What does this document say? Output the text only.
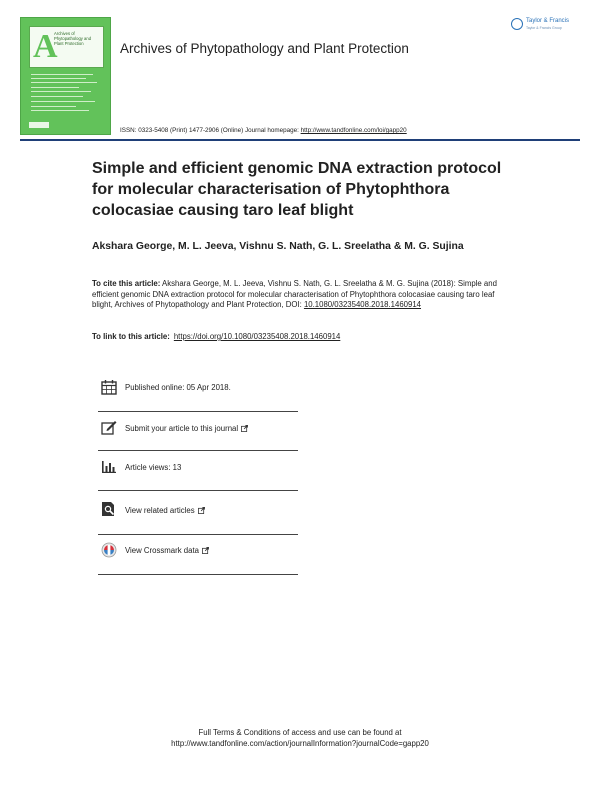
A
Archives of
Phytopathology and
Plant Protection	Archives of Phytopathology and Plant Protection
Taylor & Francis
Taylor & Francis Group
ISSN: 0323-5408 (Print) 1477-2906 (Online) Journal homepage: http://www.tandfonline.com/loi/gapp20
Simple and efficient genomic DNA extraction protocol for molecular characterisation of Phytophthora colocasiae causing taro leaf blight
Akshara George, M. L. Jeeva, Vishnu S. Nath, G. L. Sreelatha & M. G. Sujina
To cite this article: Akshara George, M. L. Jeeva, Vishnu S. Nath, G. L. Sreelatha & M. G. Sujina (2018): Simple and efficient genomic DNA extraction protocol for molecular characterisation of Phytophthora colocasiae causing taro leaf blight, Archives of Phytopathology and Plant Protection, DOI: 10.1080/03235408.2018.1460914
To link to this article: https://doi.org/10.1080/03235408.2018.1460914
Published online: 05 Apr 2018.
Submit your article to this journal
Article views: 13
View related articles
View Crossmark data
Full Terms & Conditions of access and use can be found at
http://www.tandfonline.com/action/journalInformation?journalCode=gapp20
